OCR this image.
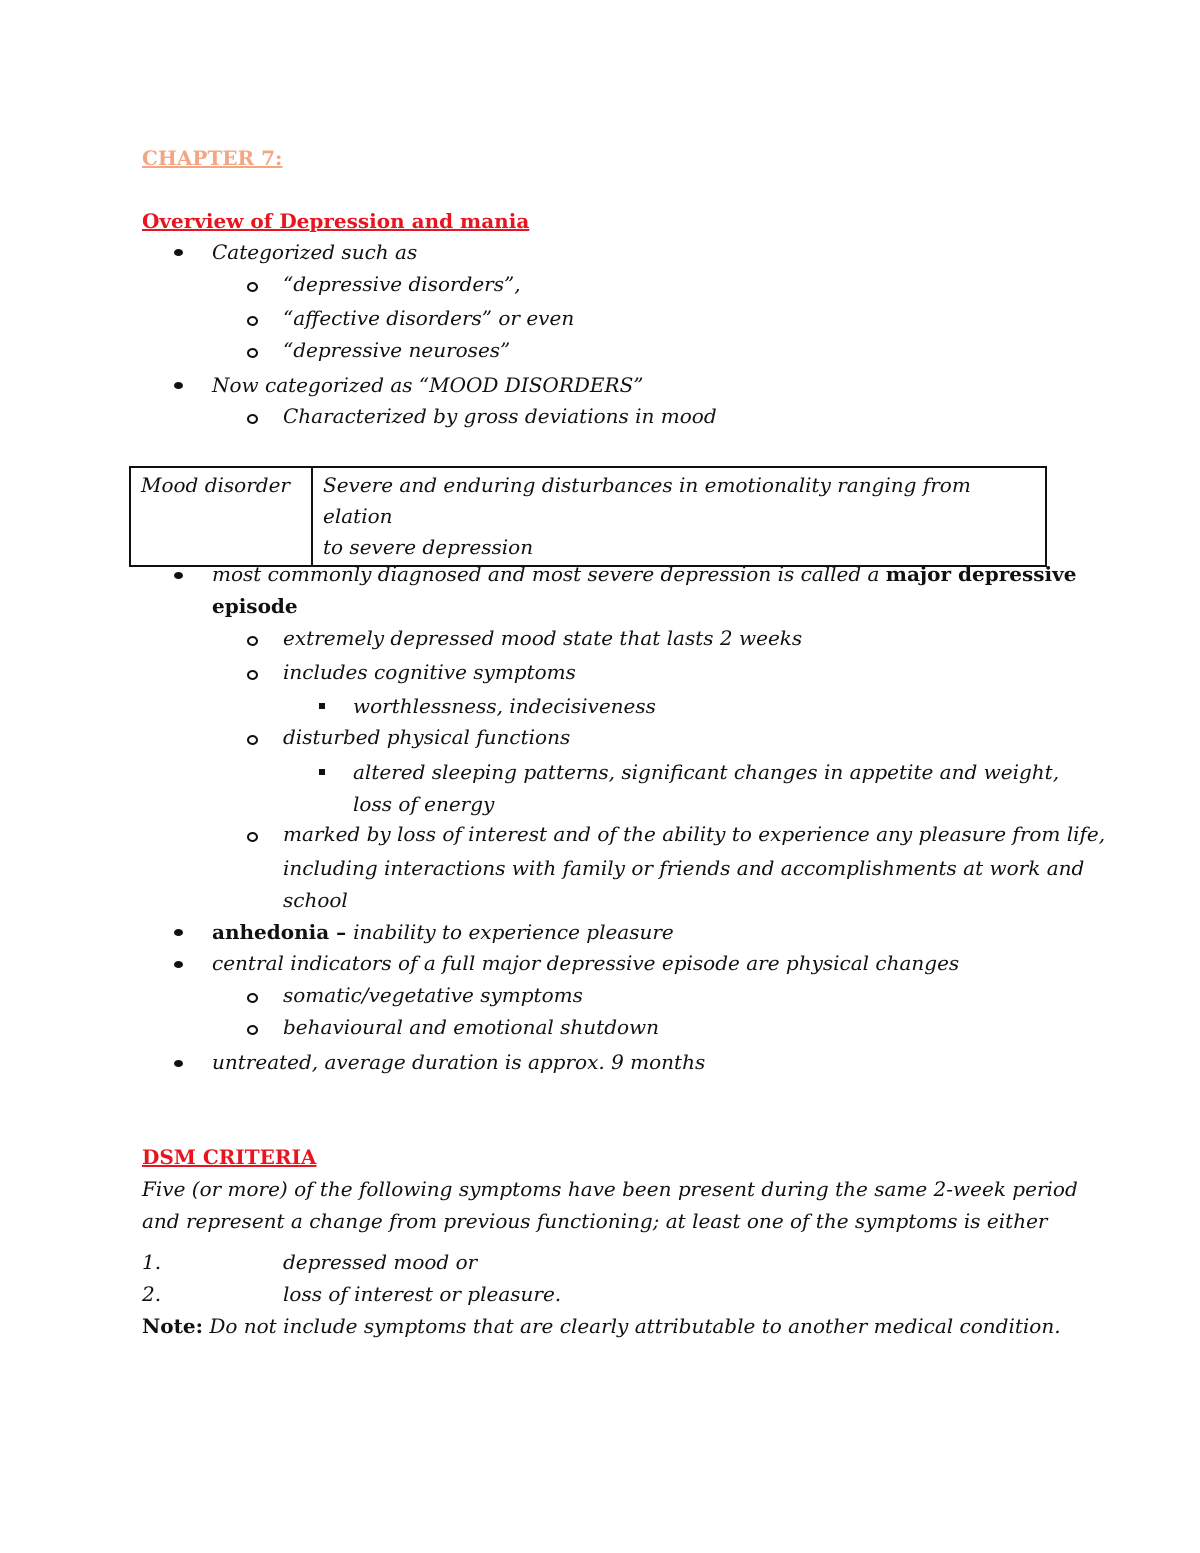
CHAPTER 7:
Overview of Depression and mania
Categorized such as
“depressive disorders”,
“affective disorders” or even
“depressive neuroses”
Now categorized as “MOOD DISORDERS”
Characterized by gross deviations in mood
Mood disorder	Severe and enduring disturbances in emotionality ranging from elation
to severe depression
most commonly diagnosed and most severe depression is called a major depressive
episode
extremely depressed mood state that lasts 2 weeks
includes cognitive symptoms
worthlessness, indecisiveness
disturbed physical functions
altered sleeping patterns, significant changes in appetite and weight,
loss of energy
marked by loss of interest and of the ability to experience any pleasure from life,
including interactions with family or friends and accomplishments at work and
school
anhedonia – inability to experience pleasure
central indicators of a full major depressive episode are physical changes
somatic/vegetative symptoms
behavioural and emotional shutdown
untreated, average duration is approx. 9 months
DSM CRITERIA
Five (or more) of the following symptoms have been present during the same 2-week period
and represent a change from previous functioning; at least one of the symptoms is either
1.	depressed mood or
2.	loss of interest or pleasure.
Note: Do not include symptoms that are clearly attributable to another medical condition.
